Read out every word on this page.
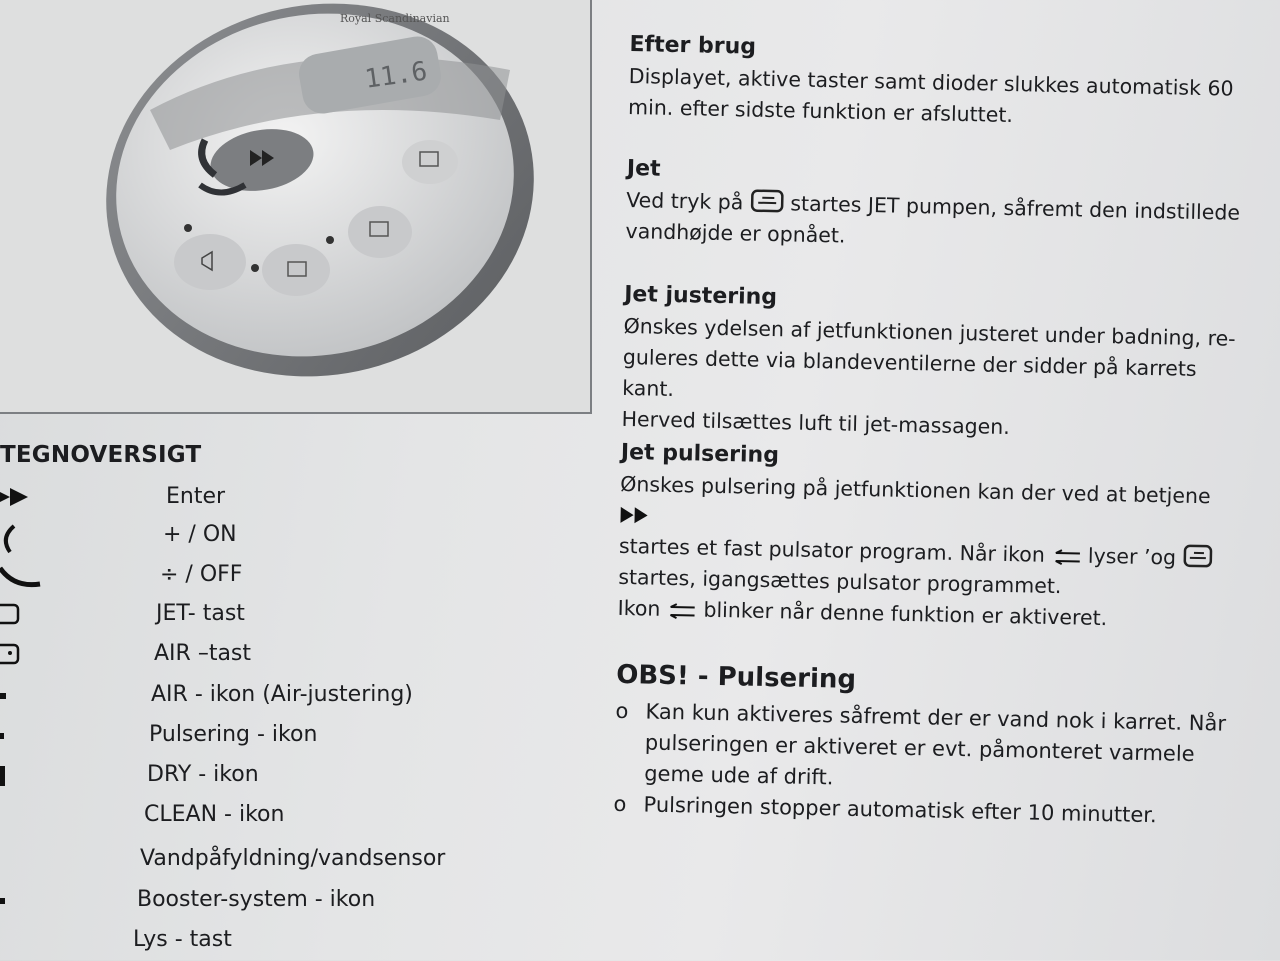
11.6
Royal Scandinavian
TEGNOVERSIGT
Enter
+ / ON
÷ / OFF
JET- tast
AIR –tast
AIR - ikon (Air-justering)
Pulsering - ikon
DRY - ikon
CLEAN - ikon
Vandpåfyldning/vandsensor
Booster-system - ikon
Lys - tast
Efter brug
Displayet, aktive taster samt dioder slukkes automatisk 60
min. efter sidste funktion er afsluttet.
Jet
Ved tryk på startes JET pumpen, såfremt den indstillede
vandhøjde er opnået.
Jet justering
Ønskes ydelsen af jetfunktionen justeret under badning, re-
guleres dette via blandeventilerne der sidder på karrets kant.
Herved tilsættes luft til jet-massagen.
Jet pulsering
Ønskes pulsering på jetfunktionen kan der ved at betjene
startes et fast pulsator program. Når ikon lyser ’og
startes, igangsættes pulsator programmet.
Ikon blinker når denne funktion er aktiveret.
OBS! - Pulsering
o Kan kun aktiveres såfremt der er vand nok i karret. Når
pulseringen er aktiveret er evt. påmonteret varmele
geme ude af drift.
o Pulsringen stopper automatisk efter 10 minutter.
